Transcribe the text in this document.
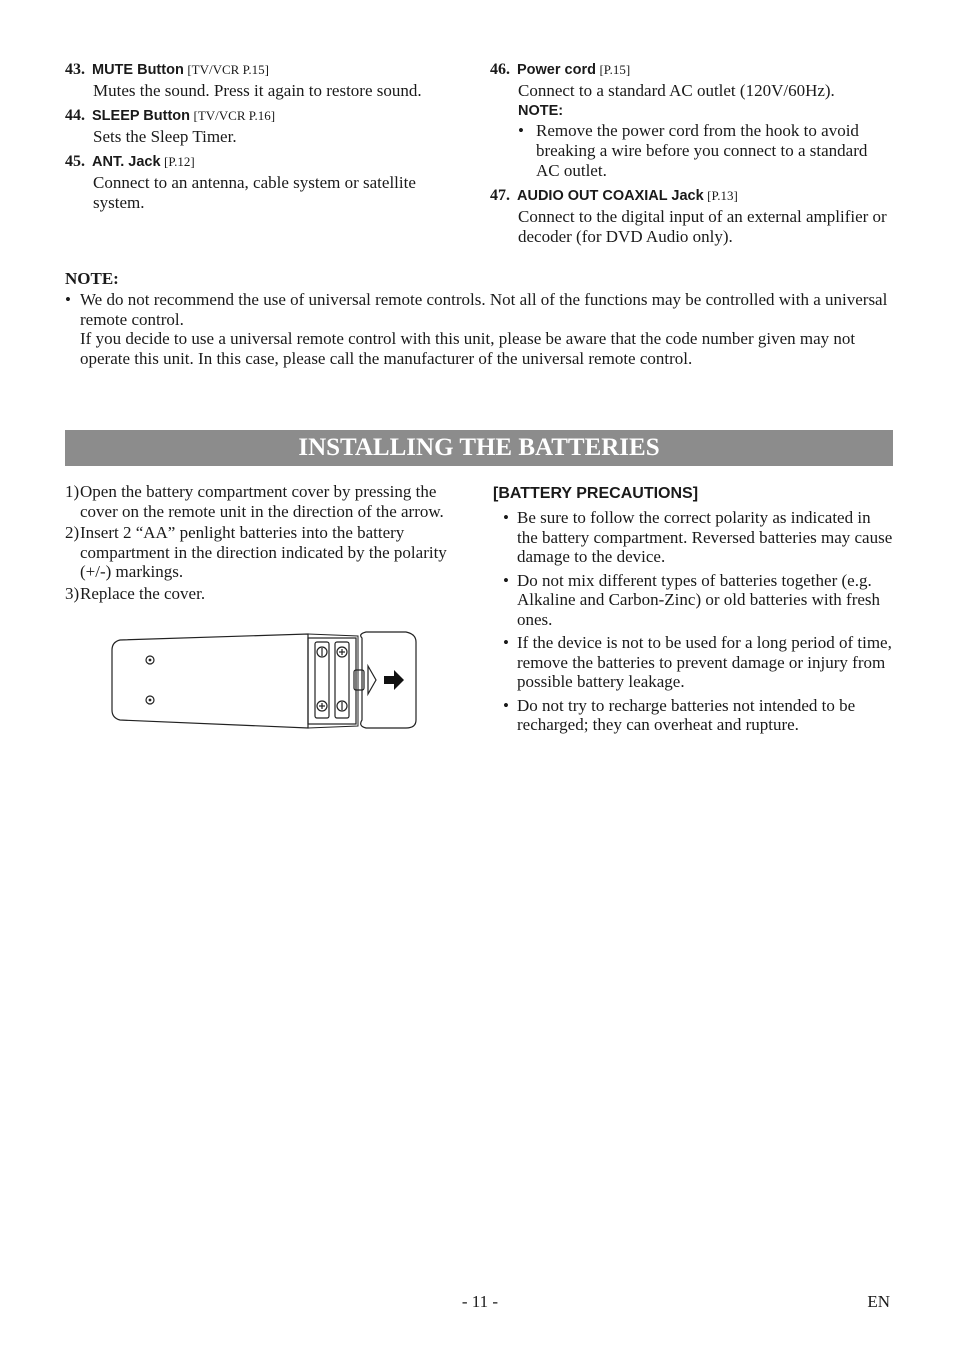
43. MUTE Button [TV/VCR P.15]
Mutes the sound. Press it again to restore sound.
44. SLEEP Button [TV/VCR P.16]
Sets the Sleep Timer.
45. ANT. Jack [P.12]
Connect to an antenna, cable system or satellite system.
46. Power cord [P.15]
Connect to a standard AC outlet (120V/60Hz).
NOTE:
• Remove the power cord from the hook to avoid breaking a wire before you connect to a standard AC outlet.
47. AUDIO OUT COAXIAL Jack [P.13]
Connect to the digital input of an external amplifier or decoder (for DVD Audio only).
NOTE:
• We do not recommend the use of universal remote controls. Not all of the functions may be controlled with a universal remote control.

If you decide to use a universal remote control with this unit, please be aware that the code number given may not operate this unit. In this case, please call the manufacturer of the universal remote control.

INSTALLING THE BATTERIES
1) Open the battery compartment cover by pressing the cover on the remote unit in the direction of the arrow.
2) Insert 2 “AA” penlight batteries into the battery compartment in the direction indicated by the polarity (+/-) markings.
3) Replace the cover.
[BATTERY PRECAUTIONS]
• Be sure to follow the correct polarity as indicated in the battery compartment. Reversed batteries may cause damage to the device.
• Do not mix different types of batteries together (e.g. Alkaline and Carbon-Zinc) or old batteries with fresh ones.
• If the device is not to be used for a long period of time, remove the batteries to prevent damage or injury from possible battery leakage.
• Do not try to recharge batteries not intended to be recharged; they can overheat and rupture.
- 11 -	EN
